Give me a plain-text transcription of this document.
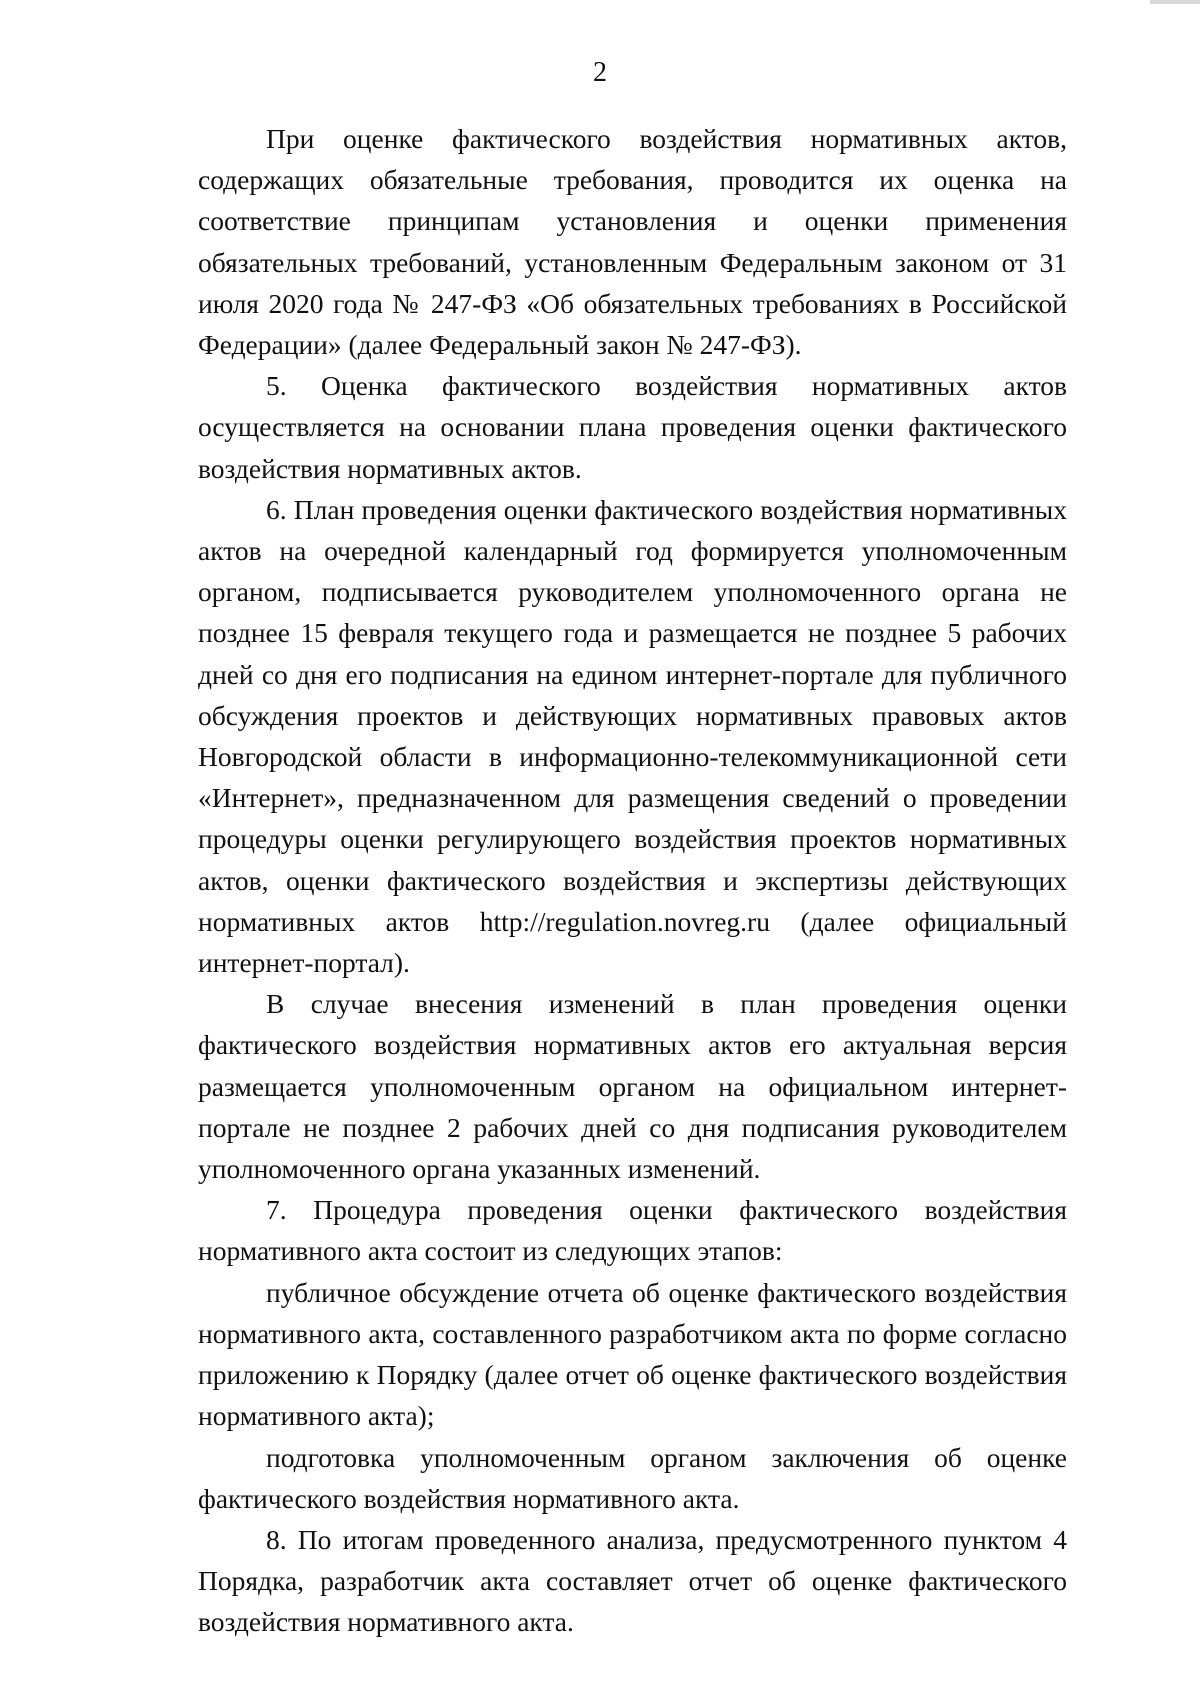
2

При оценке фактического воздействия нормативных актов, содержащих обязательные требования, проводится их оценка на соответствие принципам установления и оценки применения обязательных требований, установленным Федеральным законом от 31 июля 2020 года № 247-ФЗ «Об обязательных требованиях в Российской Федерации» (далее Федеральный закон № 247-ФЗ).

5. Оценка фактического воздействия нормативных актов осуществляется на основании плана проведения оценки фактического воздействия нормативных актов.

6. План проведения оценки фактического воздействия нормативных актов на очередной календарный год формируется уполномоченным органом, подписывается руководителем уполномоченного органа не позднее 15 февраля текущего года и размещается не позднее 5 рабочих дней со дня его подписания на едином интернет-портале для публичного обсуждения проектов и действующих нормативных правовых актов Новгородской области в информационно-телекоммуникационной сети «Интернет», предназначенном для размещения сведений о проведении процедуры оценки регулирующего воздействия проектов нормативных актов, оценки фактического воздействия и экспертизы действующих нормативных актов http://regulation.novreg.ru (далее официальный интернет-портал).

В случае внесения изменений в план проведения оценки фактического воздействия нормативных актов его актуальная версия размещается уполномоченным органом на официальном интернет-портале не позднее 2 рабочих дней со дня подписания руководителем уполномоченного органа указанных изменений.

7. Процедура проведения оценки фактического воздействия нормативного акта состоит из следующих этапов:

публичное обсуждение отчета об оценке фактического воздействия нормативного акта, составленного разработчиком акта по форме согласно приложению к Порядку (далее отчет об оценке фактического воздействия нормативного акта);

подготовка уполномоченным органом заключения об оценке фактического воздействия нормативного акта.

8. По итогам проведенного анализа, предусмотренного пунктом 4 Порядка, разработчик акта составляет отчет об оценке фактического воздействия нормативного акта.
